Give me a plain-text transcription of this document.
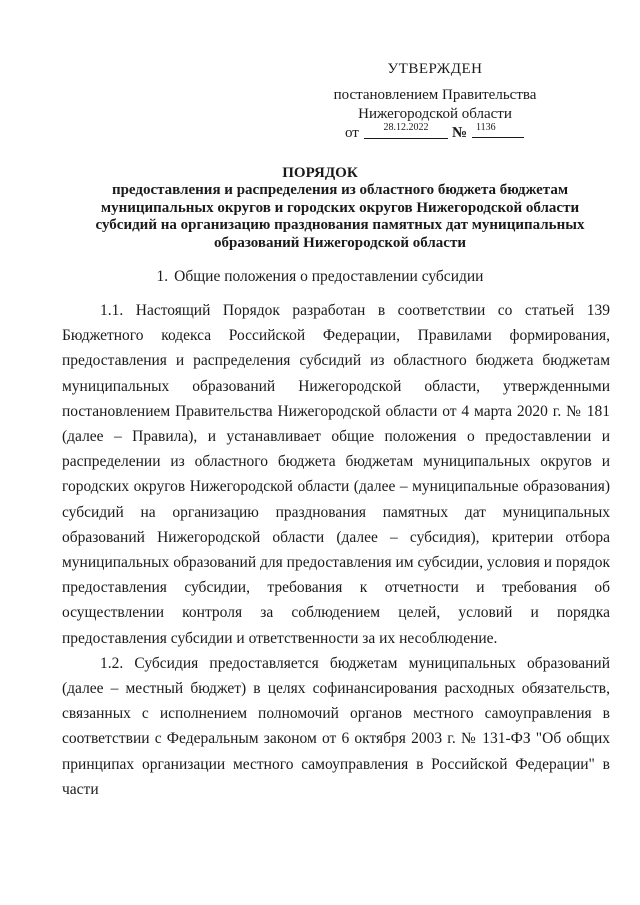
УТВЕРЖДЕН
постановлением Правительства
Нижегородской области
от	28.12.2022	№ 1136
ПОРЯДОК
предоставления и распределения из областного бюджета бюджетам муниципальных округов и городских округов Нижегородской области субсидий на организацию празднования памятных дат муниципальных образований Нижегородской области
1. Общие положения о предоставлении субсидии

1.1. Настоящий Порядок разработан в соответствии со статьей 139 Бюджетного кодекса Российской Федерации, Правилами формирования, предоставления и распределения субсидий из областного бюджета бюджетам муниципальных образований Нижегородской области, утвержденными постановлением Правительства Нижегородской области от 4 марта 2020 г. № 181 (далее – Правила), и устанавливает общие положения о предоставлении и распределении из областного бюджета бюджетам муниципальных округов и городских округов Нижегородской области (далее – муниципальные образования) субсидий на организацию празднования памятных дат муниципальных образований Нижегородской области (далее – субсидия), критерии отбора муниципальных образований для предоставления им субсидии, условия и порядок предоставления субсидии, требования к отчетности и требования об осуществлении контроля за соблюдением целей, условий и порядка предоставления субсидии и ответственности за их несоблюдение.

1.2. Субсидия предоставляется бюджетам муниципальных образований (далее – местный бюджет) в целях софинансирования расходных обязательств, связанных с исполнением полномочий органов местного самоуправления в соответствии с Федеральным законом от 6 октября 2003 г. № 131-ФЗ "Об общих принципах организации местного самоуправления в Российской Федерации" в части
